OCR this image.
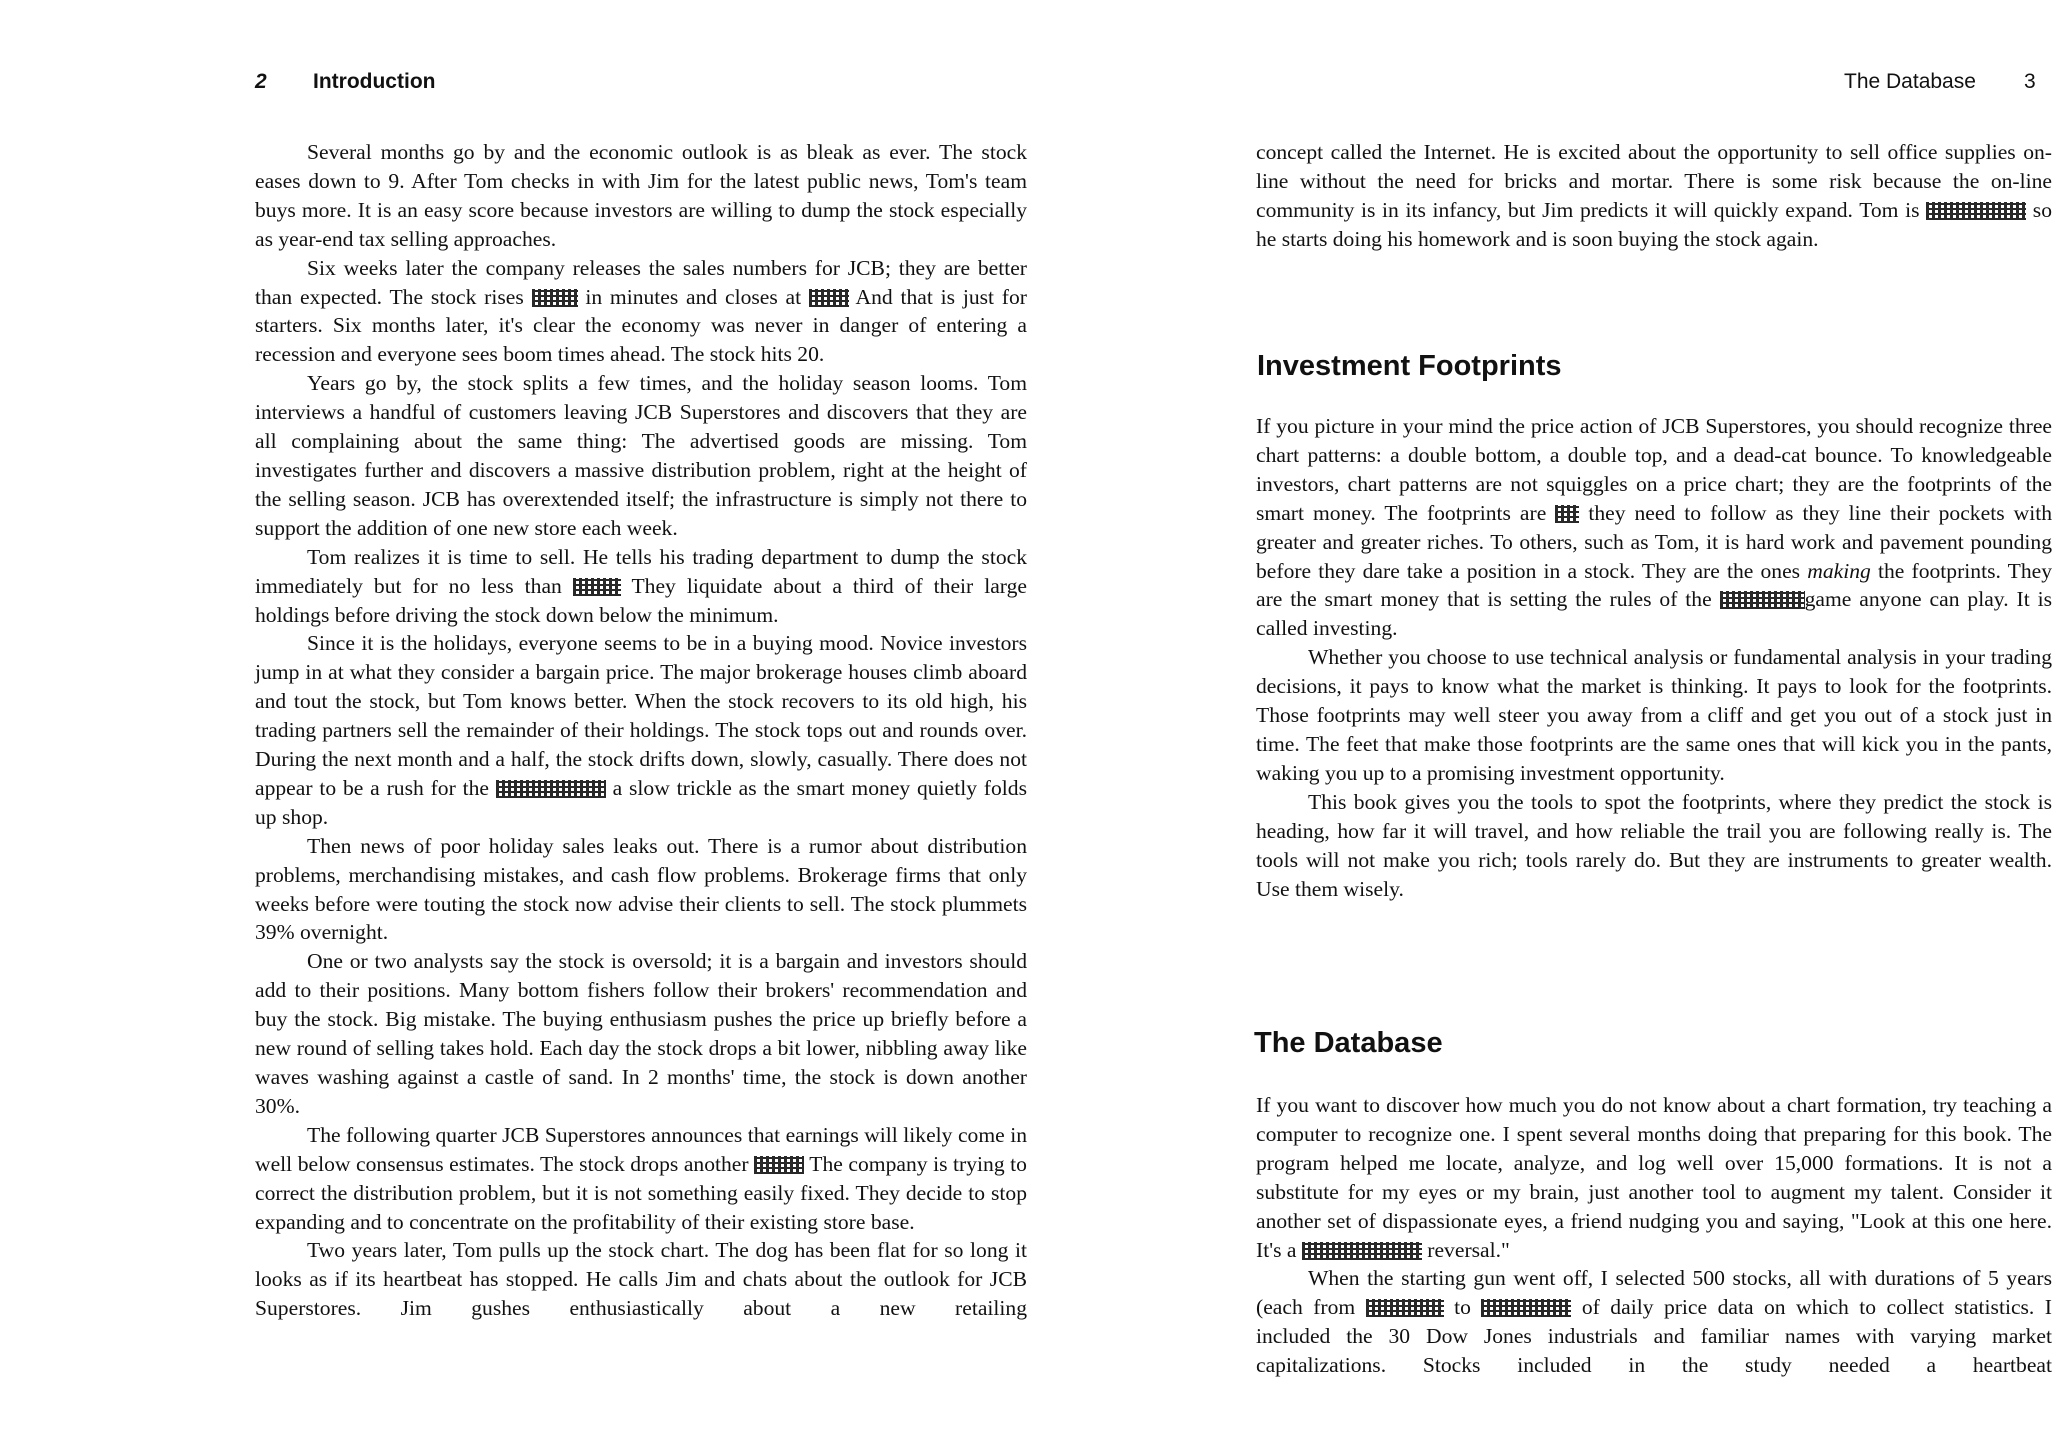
2 Introduction

Several months go by and the economic outlook is as bleak as ever. The stock eases down to 9. After Tom checks in with Jim for the latest public news, Tom's team buys more. It is an easy score because investors are willing to dump the stock especially as year-end tax selling approaches.

Six weeks later the company releases the sales numbers for JCB; they are better than expected. The stock rises	in minutes and closes at	And that is just for starters. Six months later, it's clear the economy was never in danger of entering a recession and everyone sees boom times ahead. The stock hits 20.

Years go by, the stock splits a few times, and the holiday season looms. Tom interviews a handful of customers leaving JCB Superstores and discovers that they are all complaining about the same thing: The advertised goods are missing. Tom investigates further and discovers a massive distribution problem, right at the height of the selling season. JCB has overextended itself; the infrastructure is simply not there to support the addition of one new store each week.

Tom realizes it is time to sell. He tells his trading department to dump the stock immediately but for no less than	They liquidate about a third of their large holdings before driving the stock down below the minimum.

Since it is the holidays, everyone seems to be in a buying mood. Novice investors jump in at what they consider a bargain price. The major brokerage houses climb aboard and tout the stock, but Tom knows better. When the stock recovers to its old high, his trading partners sell the remainder of their holdings. The stock tops out and rounds over. During the next month and a half, the stock drifts down, slowly, casually. There does not appear to be a rush for the	a slow trickle as the smart money quietly folds up shop.

Then news of poor holiday sales leaks out. There is a rumor about distribution problems, merchandising mistakes, and cash flow problems. Brokerage firms that only weeks before were touting the stock now advise their clients to sell. The stock plummets 39% overnight.

One or two analysts say the stock is oversold; it is a bargain and investors should add to their positions. Many bottom fishers follow their brokers' recommendation and buy the stock. Big mistake. The buying enthusiasm pushes the price up briefly before a new round of selling takes hold. Each day the stock drops a bit lower, nibbling away like waves washing against a castle of sand. In 2 months' time, the stock is down another 30%.

The following quarter JCB Superstores announces that earnings will likely come in well below consensus estimates. The stock drops another	The company is trying to correct the distribution problem, but it is not something easily fixed. They decide to stop expanding and to concentrate on the profitability of their existing store base.

Two years later, Tom pulls up the stock chart. The dog has been flat for so long it looks as if its heartbeat has stopped. He calls Jim and chats about the outlook for JCB Superstores. Jim gushes enthusiastically about a new retailing

The Database 3

concept called the Internet. He is excited about the opportunity to sell office supplies on-line without the need for bricks and mortar. There is some risk because the on-line community is in its infancy, but Jim predicts it will quickly expand. Tom is	so he starts doing his homework and is soon buying the stock again.

Investment Footprints

If you picture in your mind the price action of JCB Superstores, you should recognize three chart patterns: a double bottom, a double top, and a dead-cat bounce. To knowledgeable investors, chart patterns are not squiggles on a price chart; they are the footprints of the smart money. The footprints are they need to follow as they line their pockets with greater and greater riches. To others, such as Tom, it is hard work and pavement pounding before they dare take a position in a stock. They are the ones making the footprints. They are the smart money that is setting the rules of the	game anyone can play. It is called investing.

Whether you choose to use technical analysis or fundamental analysis in your trading decisions, it pays to know what the market is thinking. It pays to look for the footprints. Those footprints may well steer you away from a cliff and get you out of a stock just in time. The feet that make those footprints are the same ones that will kick you in the pants, waking you up to a promising investment opportunity.

This book gives you the tools to spot the footprints, where they predict the stock is heading, how far it will travel, and how reliable the trail you are following really is. The tools will not make you rich; tools rarely do. But they are instruments to greater wealth. Use them wisely.

The Database

If you want to discover how much you do not know about a chart formation, try teaching a computer to recognize one. I spent several months doing that preparing for this book. The program helped me locate, analyze, and log well over 15,000 formations. It is not a substitute for my eyes or my brain, just another tool to augment my talent. Consider it another set of dispassionate eyes, a friend nudging you and saying, "Look at this one here. It's a	reversal."

When the starting gun went off, I selected 500 stocks, all with durations of 5 years (each from	to	of daily price data on which to collect statistics. I included the 30 Dow Jones industrials and familiar names with varying market capitalizations. Stocks included in the study needed a heartbeat
